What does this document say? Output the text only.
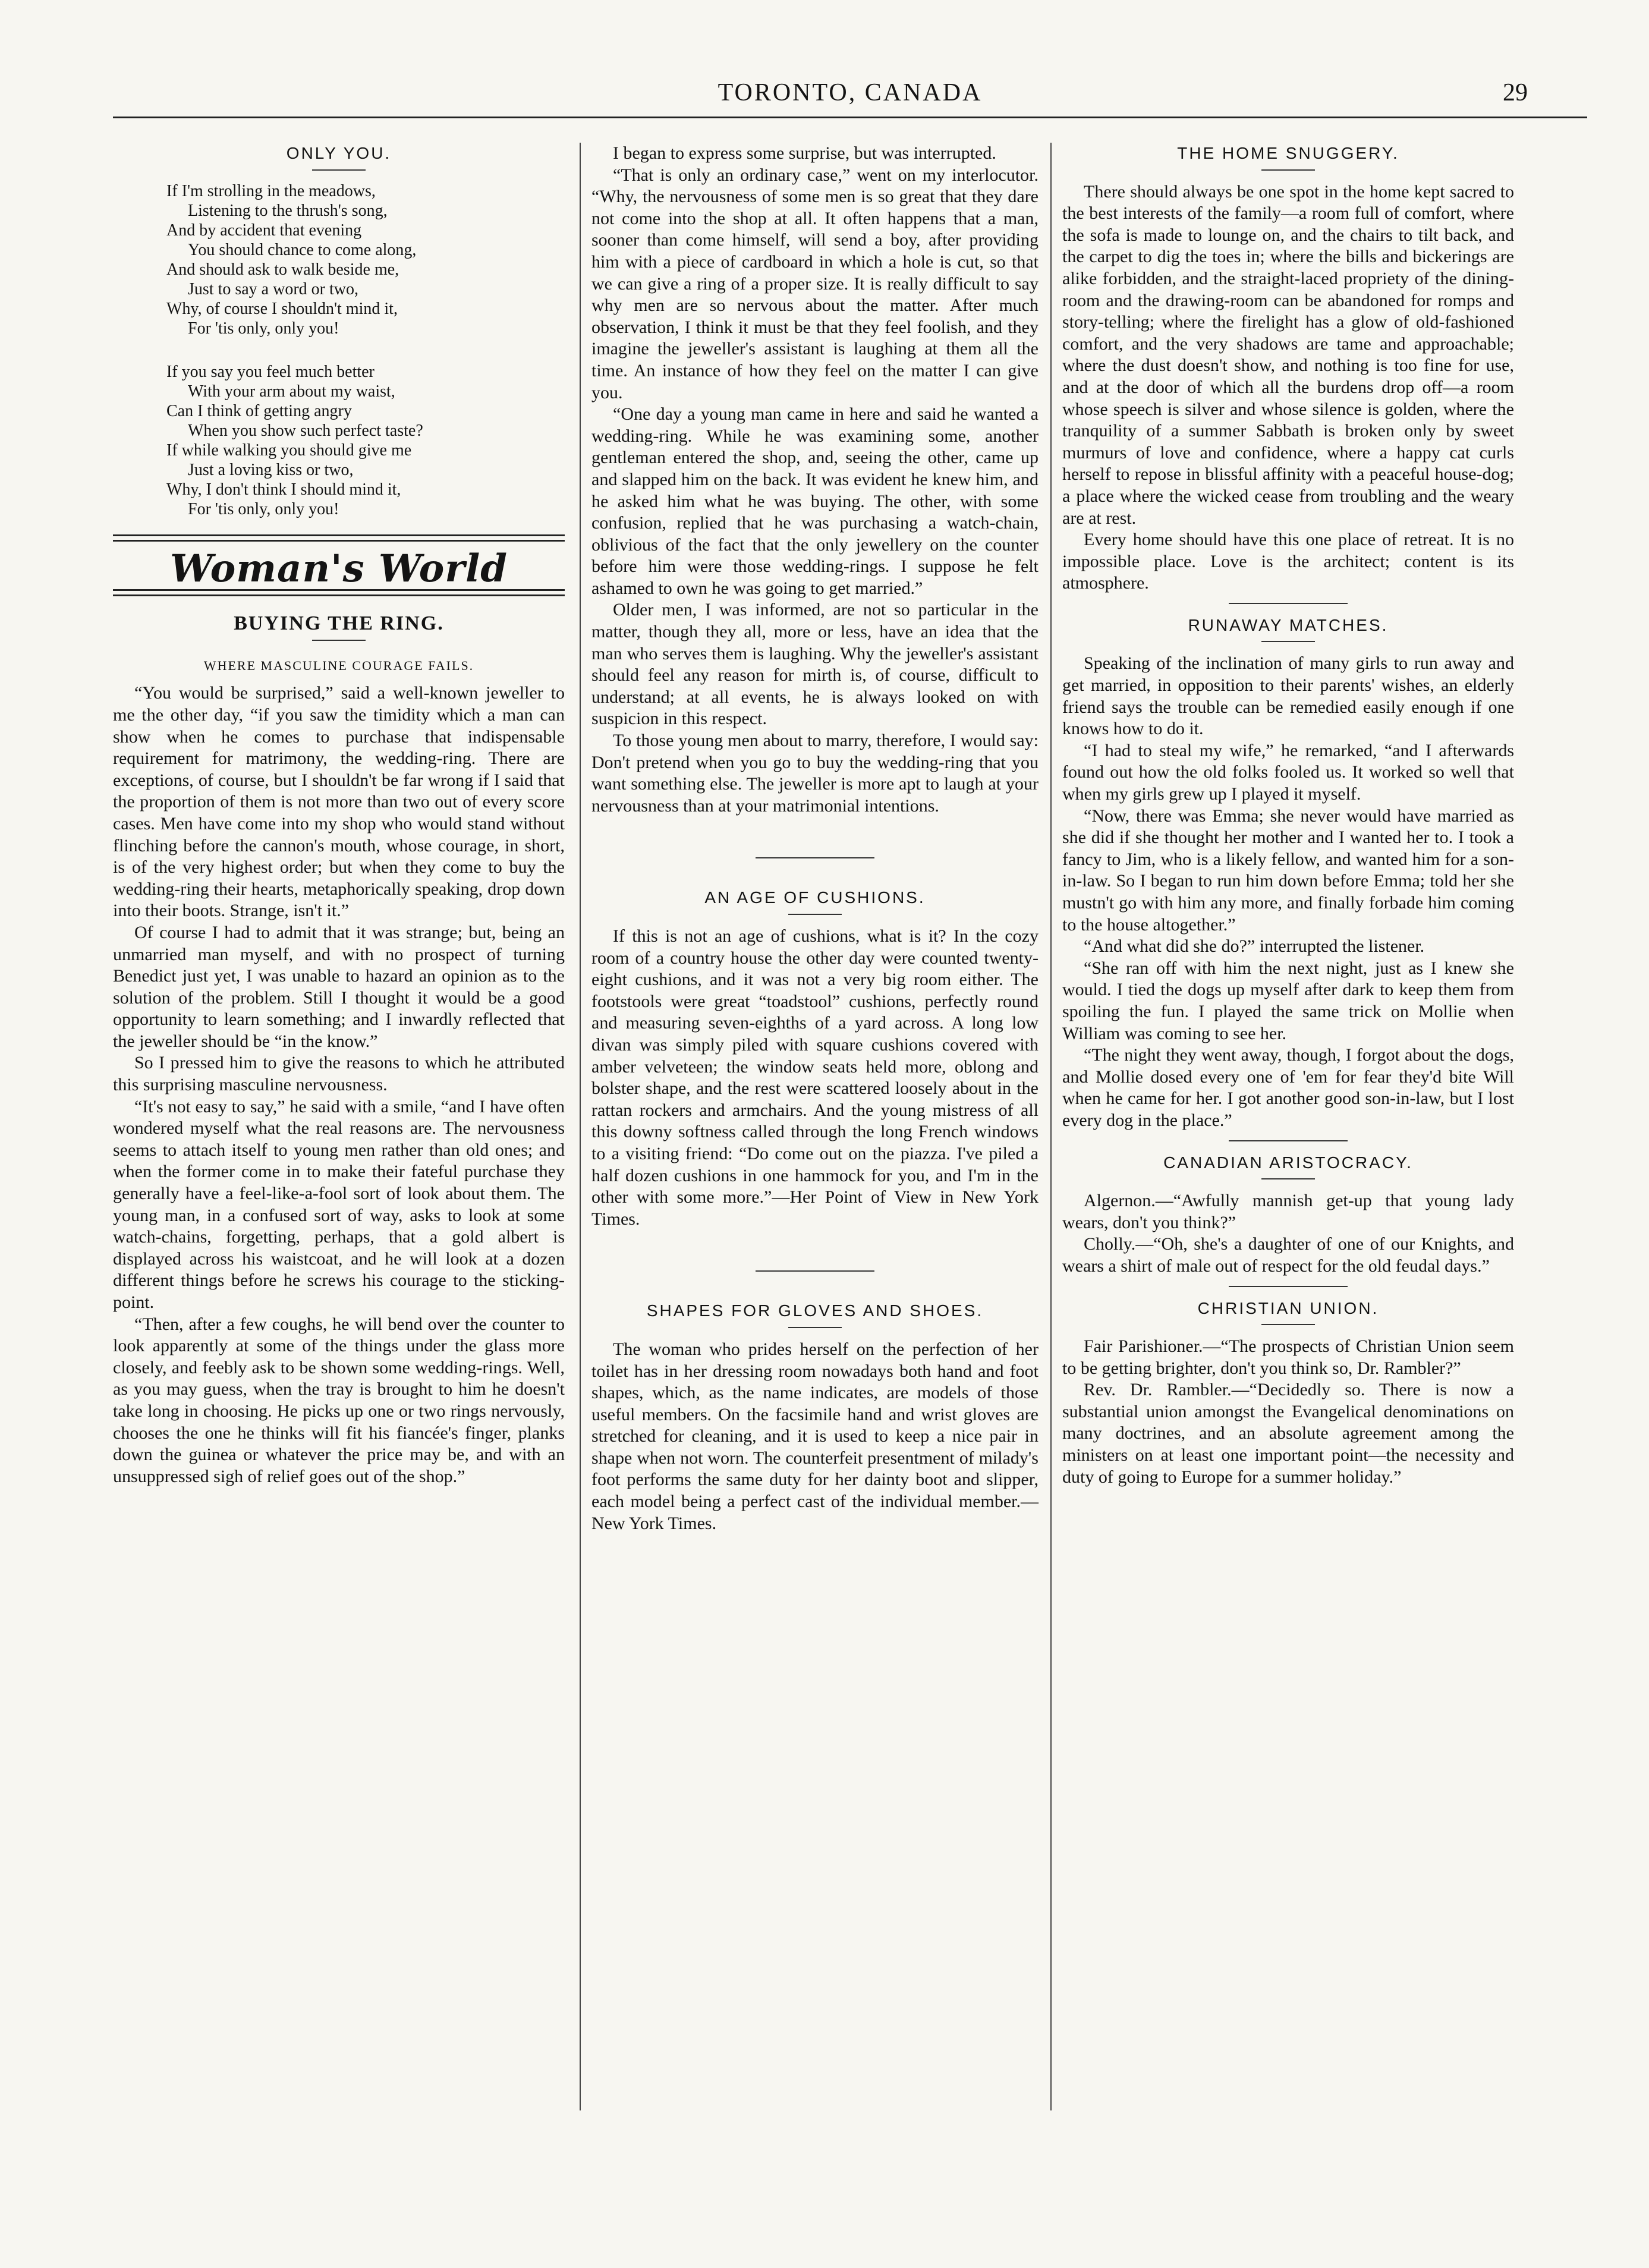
TORONTO, CANADA	29
ONLY YOU.
If I'm strolling in the meadows,
Listening to the thrush's song,
And by accident that evening
You should chance to come along,
And should ask to walk beside me,
Just to say a word or two,
Why, of course I shouldn't mind it,
For 'tis only, only you!
If you say you feel much better
With your arm about my waist,
Can I think of getting angry
When you show such perfect taste?
If while walking you should give me
Just a loving kiss or two,
Why, I don't think I should mind it,
For 'tis only, only you!
Woman's World
BUYING THE RING.
WHERE MASCULINE COURAGE FAILS.

“You would be surprised,” said a well-known jeweller to me the other day, “if you saw the timidity which a man can show when he comes to purchase that indispensable requirement for matrimony, the wedding-ring. There are exceptions, of course, but I shouldn't be far wrong if I said that the proportion of them is not more than two out of every score cases. Men have come into my shop who would stand without flinching before the cannon's mouth, whose courage, in short, is of the very highest order; but when they come to buy the wedding-ring their hearts, metaphorically speaking, drop down into their boots. Strange, isn't it.”

Of course I had to admit that it was strange; but, being an unmarried man myself, and with no prospect of turning Benedict just yet, I was unable to hazard an opinion as to the solution of the problem. Still I thought it would be a good opportunity to learn something; and I inwardly reflected that the jeweller should be “in the know.”

So I pressed him to give the reasons to which he attributed this surprising masculine nervousness.

“It's not easy to say,” he said with a smile, “and I have often wondered myself what the real reasons are. The nervousness seems to attach itself to young men rather than old ones; and when the former come in to make their fateful purchase they generally have a feel-like-a-fool sort of look about them. The young man, in a confused sort of way, asks to look at some watch-chains, forgetting, perhaps, that a gold albert is displayed across his waistcoat, and he will look at a dozen different things before he screws his courage to the sticking-point.

“Then, after a few coughs, he will bend over the counter to look apparently at some of the things under the glass more closely, and feebly ask to be shown some wedding-rings. Well, as you may guess, when the tray is brought to him he doesn't take long in choosing. He picks up one or two rings nervously, chooses the one he thinks will fit his fiancée's finger, planks down the guinea or whatever the price may be, and with an unsuppressed sigh of relief goes out of the shop.”

I began to express some surprise, but was interrupted.

“That is only an ordinary case,” went on my interlocutor. “Why, the nervousness of some men is so great that they dare not come into the shop at all. It often happens that a man, sooner than come himself, will send a boy, after providing him with a piece of cardboard in which a hole is cut, so that we can give a ring of a proper size. It is really difficult to say why men are so nervous about the matter. After much observation, I think it must be that they feel foolish, and they imagine the jeweller's assistant is laughing at them all the time. An instance of how they feel on the matter I can give you.

“One day a young man came in here and said he wanted a wedding-ring. While he was examining some, another gentleman entered the shop, and, seeing the other, came up and slapped him on the back. It was evident he knew him, and he asked him what he was buying. The other, with some confusion, replied that he was purchasing a watch-chain, oblivious of the fact that the only jewellery on the counter before him were those wedding-rings. I suppose he felt ashamed to own he was going to get married.”

Older men, I was informed, are not so particular in the matter, though they all, more or less, have an idea that the man who serves them is laughing. Why the jeweller's assistant should feel any reason for mirth is, of course, difficult to understand; at all events, he is always looked on with suspicion in this respect.

To those young men about to marry, therefore, I would say: Don't pretend when you go to buy the wedding-ring that you want something else. The jeweller is more apt to laugh at your nervousness than at your matrimonial intentions.

AN AGE OF CUSHIONS.

If this is not an age of cushions, what is it? In the cozy room of a country house the other day were counted twenty-eight cushions, and it was not a very big room either. The footstools were great “toadstool” cushions, perfectly round and measuring seven-eighths of a yard across. A long low divan was simply piled with square cushions covered with amber velveteen; the window seats held more, oblong and bolster shape, and the rest were scattered loosely about in the rattan rockers and armchairs. And the young mistress of all this downy softness called through the long French windows to a visiting friend: “Do come out on the piazza. I've piled a half dozen cushions in one hammock for you, and I'm in the other with some more.”—Her Point of View in New York Times.

SHAPES FOR GLOVES AND SHOES.

The woman who prides herself on the perfection of her toilet has in her dressing room nowadays both hand and foot shapes, which, as the name indicates, are models of those useful members. On the facsimile hand and wrist gloves are stretched for cleaning, and it is used to keep a nice pair in shape when not worn. The counterfeit presentment of milady's foot performs the same duty for her dainty boot and slipper, each model being a perfect cast of the individual member.—New York Times.

THE HOME SNUGGERY.

There should always be one spot in the home kept sacred to the best interests of the family—a room full of comfort, where the sofa is made to lounge on, and the chairs to tilt back, and the carpet to dig the toes in; where the bills and bickerings are alike forbidden, and the straight-laced propriety of the dining-room and the drawing-room can be abandoned for romps and story-telling; where the firelight has a glow of old-fashioned comfort, and the very shadows are tame and approachable; where the dust doesn't show, and nothing is too fine for use, and at the door of which all the burdens drop off—a room whose speech is silver and whose silence is golden, where the tranquility of a summer Sabbath is broken only by sweet murmurs of love and confidence, where a happy cat curls herself to repose in blissful affinity with a peaceful house-dog; a place where the wicked cease from troubling and the weary are at rest.

Every home should have this one place of retreat. It is no impossible place. Love is the architect; content is its atmosphere.

RUNAWAY MATCHES.

Speaking of the inclination of many girls to run away and get married, in opposition to their parents' wishes, an elderly friend says the trouble can be remedied easily enough if one knows how to do it.

“I had to steal my wife,” he remarked, “and I afterwards found out how the old folks fooled us. It worked so well that when my girls grew up I played it myself.

“Now, there was Emma; she never would have married as she did if she thought her mother and I wanted her to. I took a fancy to Jim, who is a likely fellow, and wanted him for a son-in-law. So I began to run him down before Emma; told her she mustn't go with him any more, and finally forbade him coming to the house altogether.”

“And what did she do?” interrupted the listener.

“She ran off with him the next night, just as I knew she would. I tied the dogs up myself after dark to keep them from spoiling the fun. I played the same trick on Mollie when William was coming to see her.

“The night they went away, though, I forgot about the dogs, and Mollie dosed every one of 'em for fear they'd bite Will when he came for her. I got another good son-in-law, but I lost every dog in the place.”

CANADIAN ARISTOCRACY.

Algernon.—“Awfully mannish get-up that young lady wears, don't you think?”

Cholly.—“Oh, she's a daughter of one of our Knights, and wears a shirt of male out of respect for the old feudal days.”

CHRISTIAN UNION.

Fair Parishioner.—“The prospects of Christian Union seem to be getting brighter, don't you think so, Dr. Rambler?”

Rev. Dr. Rambler.—“Decidedly so. There is now a substantial union amongst the Evangelical denominations on many doctrines, and an absolute agreement among the ministers on at least one important point—the necessity and duty of going to Europe for a summer holiday.”
